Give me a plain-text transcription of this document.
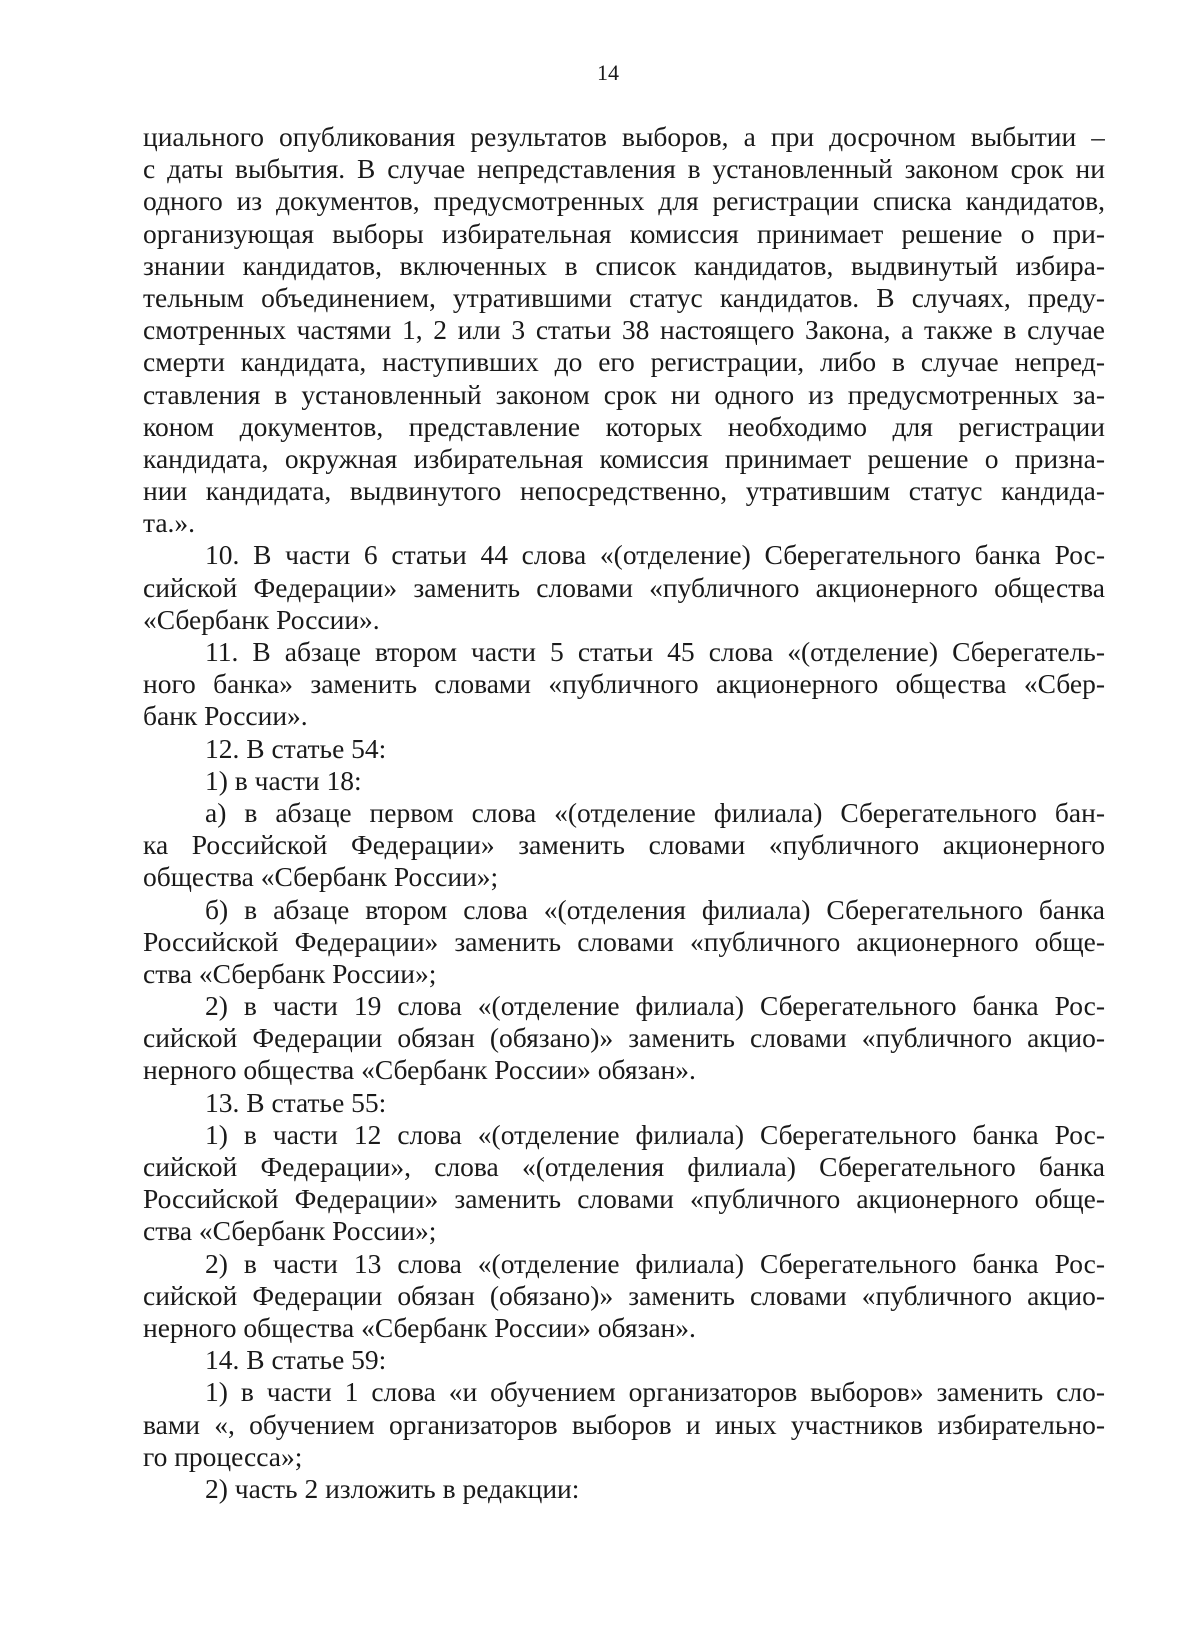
14
циального опубликования результатов выборов, а при досрочном выбытии –
с даты выбытия. В случае непредставления в установленный законом срок ни
одного из документов, предусмотренных для регистрации списка кандидатов,
организующая выборы избирательная комиссия принимает решение о при-
знании кандидатов, включенных в список кандидатов, выдвинутый избира-
тельным объединением, утратившими статус кандидатов. В случаях, преду-
смотренных частями 1, 2 или 3 статьи 38 настоящего Закона, а также в случае
смерти кандидата, наступивших до его регистрации, либо в случае непред-
ставления в установленный законом срок ни одного из предусмотренных за-
коном документов, представление которых необходимо для регистрации
кандидата, окружная избирательная комиссия принимает решение о призна-
нии кандидата, выдвинутого непосредственно, утратившим статус кандида-
та.».
10. В части 6 статьи 44 слова «(отделение) Сберегательного банка Рос-
сийской Федерации» заменить словами «публичного акционерного общества
«Сбербанк России».
11. В абзаце втором части 5 статьи 45 слова «(отделение) Сберегатель-
ного банка» заменить словами «публичного акционерного общества «Сбер-
банк России».
12. В статье 54:
1) в части 18:
а) в абзаце первом слова «(отделение филиала) Сберегательного бан-
ка Российской Федерации» заменить словами «публичного акционерного
общества «Сбербанк России»;
б) в абзаце втором слова «(отделения филиала) Сберегательного банка
Российской Федерации» заменить словами «публичного акционерного обще-
ства «Сбербанк России»;
2) в части 19 слова «(отделение филиала) Сберегательного банка Рос-
сийской Федерации обязан (обязано)» заменить словами «публичного акцио-
нерного общества «Сбербанк России» обязан».
13. В статье 55:
1) в части 12 слова «(отделение филиала) Сберегательного банка Рос-
сийской Федерации», слова «(отделения филиала) Сберегательного банка
Российской Федерации» заменить словами «публичного акционерного обще-
ства «Сбербанк России»;
2) в части 13 слова «(отделение филиала) Сберегательного банка Рос-
сийской Федерации обязан (обязано)» заменить словами «публичного акцио-
нерного общества «Сбербанк России» обязан».
14. В статье 59:
1) в части 1 слова «и обучением организаторов выборов» заменить сло-
вами «, обучением организаторов выборов и иных участников избирательно-
го процесса»;
2) часть 2 изложить в редакции:
